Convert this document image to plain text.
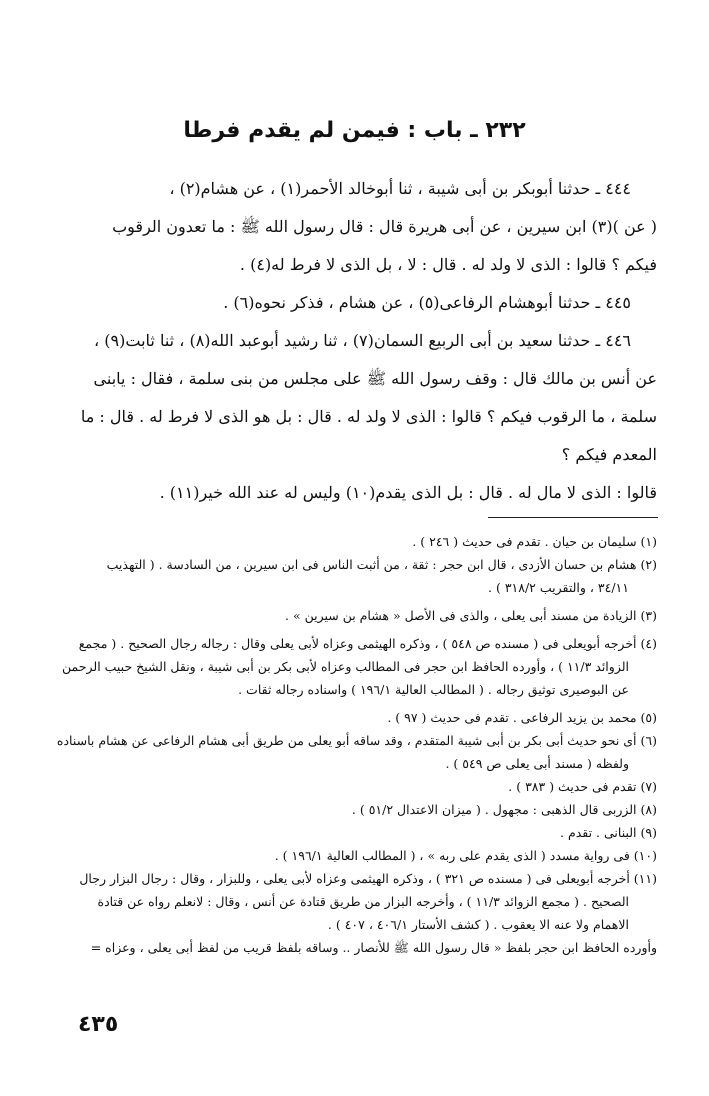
٢٣٢ ـ باب : فيمن لم يقدم فرطا
٤٤٤ ـ حدثنا أبوبكر بن أبى شيبة ، ثنا أبوخالد الأحمر(١) ، عن هشام(٢) ،
( عن )(٣) ابن سيرين ، عن أبى هريرة قال : قال رسول الله ﷺ : ما تعدون الرقوب
فيكم ؟ قالوا : الذى لا ولد له . قال : لا ، بل الذى لا فرط له(٤) .
٤٤٥ ـ حدثنا أبوهشام الرفاعى(٥) ، عن هشام ، فذكر نحوه(٦) .
٤٤٦ ـ حدثنا سعيد بن أبى الربيع السمان(٧) ، ثنا رشيد أبوعبد الله(٨) ، ثنا ثابت(٩) ،
عن أنس بن مالك قال : وقف رسول الله ﷺ على مجلس من بنى سلمة ، فقال : يابنى
سلمة ، ما الرقوب فيكم ؟ قالوا : الذى لا ولد له . قال : بل هو الذى لا فرط له . قال : ما
المعدم فيكم ؟
قالوا : الذى لا مال له . قال : بل الذى يقدم(١٠) وليس له عند الله خير(١١) .
(١) سليمان بن حيان . تقدم فى حديث ( ٢٤٦ ) .
(٢) هشام بن حسان الأزدى ، قال ابن حجر : ثقة ، من أثبت الناس فى ابن سيرين ، من السادسة . ( التهذيب
٣٤/١١ ، والتقريب ٣١٨/٢ ) .
(٣) الزيادة من مسند أبى يعلى ، والذى فى الأصل « هشام بن سيرين » .
(٤) أخرجه أبويعلى فى ( مسنده ص ٥٤٨ ) ، وذكره الهيثمى وعزاه لأبى يعلى وقال : رجاله رجال الصحيح . ( مجمع
الزوائد ١١/٣ ) ، وأورده الحافظ ابن حجر فى المطالب وعزاه لأبى بكر بن أبى شيبة ، ونقل الشيخ حبيب الرحمن
عن البوصيرى توثيق رجاله . ( المطالب العالية ١٩٦/١ ) واسناده رجاله ثقات .
(٥) محمد بن يزيد الرفاعى . تقدم فى حديث ( ٩٧ ) .
(٦) أى نحو حديث أبى بكر بن أبى شيبة المتقدم ، وقد ساقه أبو يعلى من طريق أبى هشام الرفاعى عن هشام باسناده
ولفظه ( مسند أبى يعلى ص ٥٤٩ ) .
(٧) تقدم فى حديث ( ٣٨٣ ) .
(٨) الزربى قال الذهبى : مجهول . ( ميزان الاعتدال ٥١/٢ ) .
(٩) البنانى . تقدم .
(١٠) فى رواية مسدد ( الذى يقدم على ربه » ، ( المطالب العالية ١٩٦/١ ) .
(١١) أخرجه أبويعلى فى ( مسنده ص ٣٢١ ) ، وذكره الهيثمى وعزاه لأبى يعلى ، وللبزار ، وقال : رجال البزار رجال
الصحيح . ( مجمع الزوائد ١١/٣ ) ، وأخرجه البزار من طريق قتادة عن أنس ، وقال : لانعلم رواه عن قتادة
الاهمام ولا عنه الا يعقوب . ( كشف الأستار ٤٠٦/١ ، ٤٠٧ ) .
وأورده الحافظ ابن حجر بلفظ « قال رسول الله ﷺ للأنصار .. وساقه بلفظ قريب من لفظ أبى يعلى ، وعزاه =
٤٣٥
